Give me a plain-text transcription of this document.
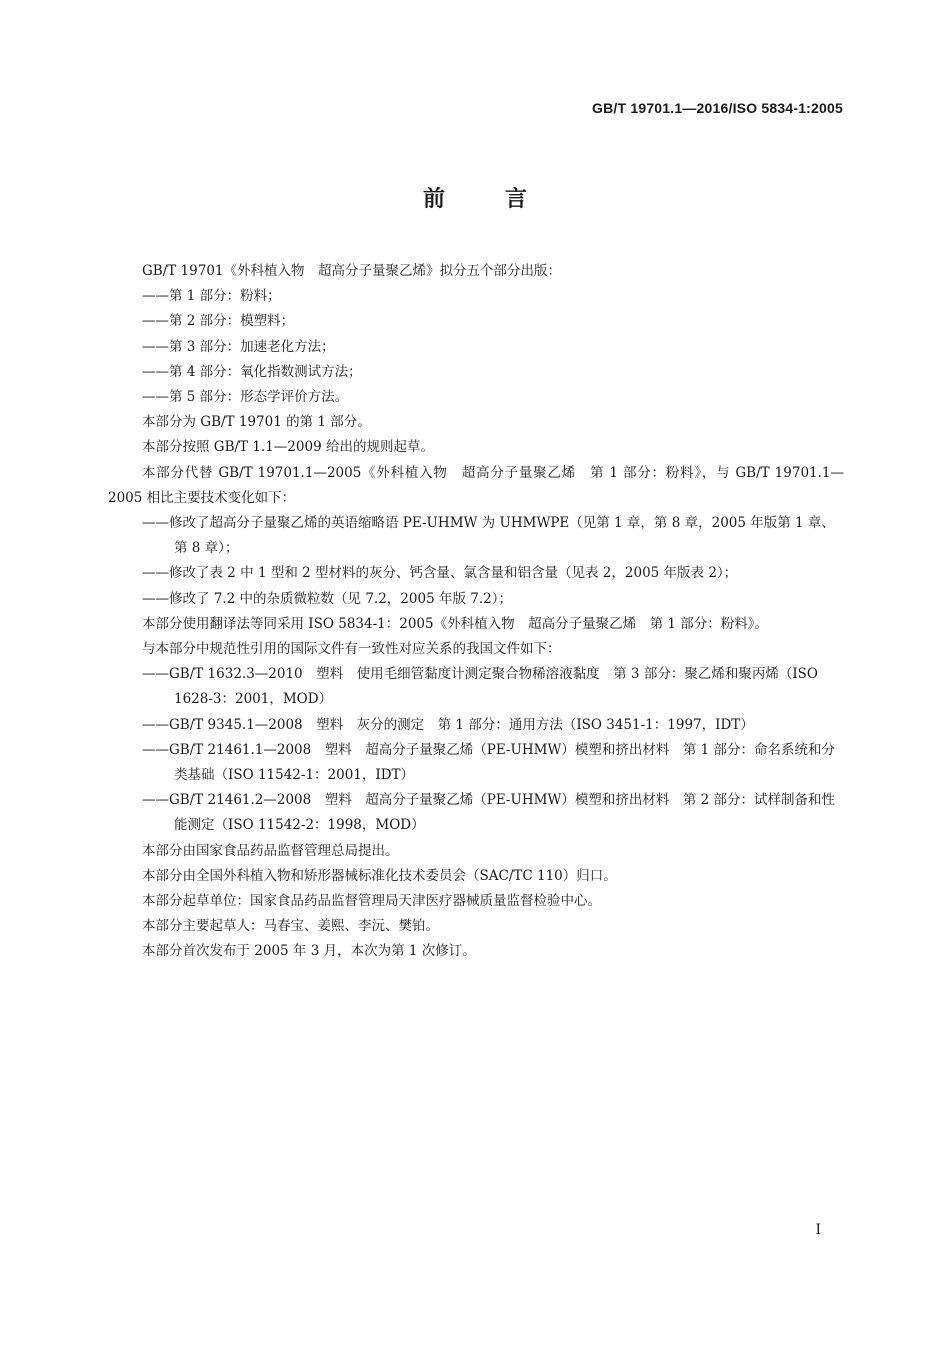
GB/T 19701.1—2016/ISO 5834-1:2005
前言
GB/T 19701《外科植入物　超高分子量聚乙烯》拟分五个部分出版：
——第 1 部分：粉料；
——第 2 部分：模塑料；
——第 3 部分：加速老化方法；
——第 4 部分：氧化指数测试方法；
——第 5 部分：形态学评价方法。
本部分为 GB/T 19701 的第 1 部分。
本部分按照 GB/T 1.1—2009 给出的规则起草。
本部分代替 GB/T 19701.1—2005《外科植入物　超高分子量聚乙烯　第 1 部分：粉料》，与 GB/T 19701.1—2005 相比主要技术变化如下：
——修改了超高分子量聚乙烯的英语缩略语 PE-UHMW 为 UHMWPE（见第 1 章，第 8 章，2005 年版第 1 章、第 8 章）；
——修改了表 2 中 1 型和 2 型材料的灰分、钙含量、氯含量和铝含量（见表 2，2005 年版表 2）；
——修改了 7.2 中的杂质微粒数（见 7.2，2005 年版 7.2）；
本部分使用翻译法等同采用 ISO 5834-1：2005《外科植入物　超高分子量聚乙烯　第 1 部分：粉料》。
与本部分中规范性引用的国际文件有一致性对应关系的我国文件如下：
——GB/T 1632.3—2010　塑料　使用毛细管黏度计测定聚合物稀溶液黏度　第 3 部分：聚乙烯和聚丙烯（ISO 1628-3：2001，MOD）
——GB/T 9345.1—2008　塑料　灰分的测定　第 1 部分：通用方法（ISO 3451-1：1997，IDT）
——GB/T 21461.1—2008　塑料　超高分子量聚乙烯（PE-UHMW）模塑和挤出材料　第 1 部分：命名系统和分类基础（ISO 11542-1：2001，IDT）
——GB/T 21461.2—2008　塑料　超高分子量聚乙烯（PE-UHMW）模塑和挤出材料　第 2 部分：试样制备和性能测定（ISO 11542-2：1998，MOD）
本部分由国家食品药品监督管理总局提出。
本部分由全国外科植入物和矫形器械标准化技术委员会（SAC/TC 110）归口。
本部分起草单位：国家食品药品监督管理局天津医疗器械质量监督检验中心。
本部分主要起草人：马春宝、姜熙、李沅、樊铂。
本部分首次发布于 2005 年 3 月，本次为第 1 次修订。
I
